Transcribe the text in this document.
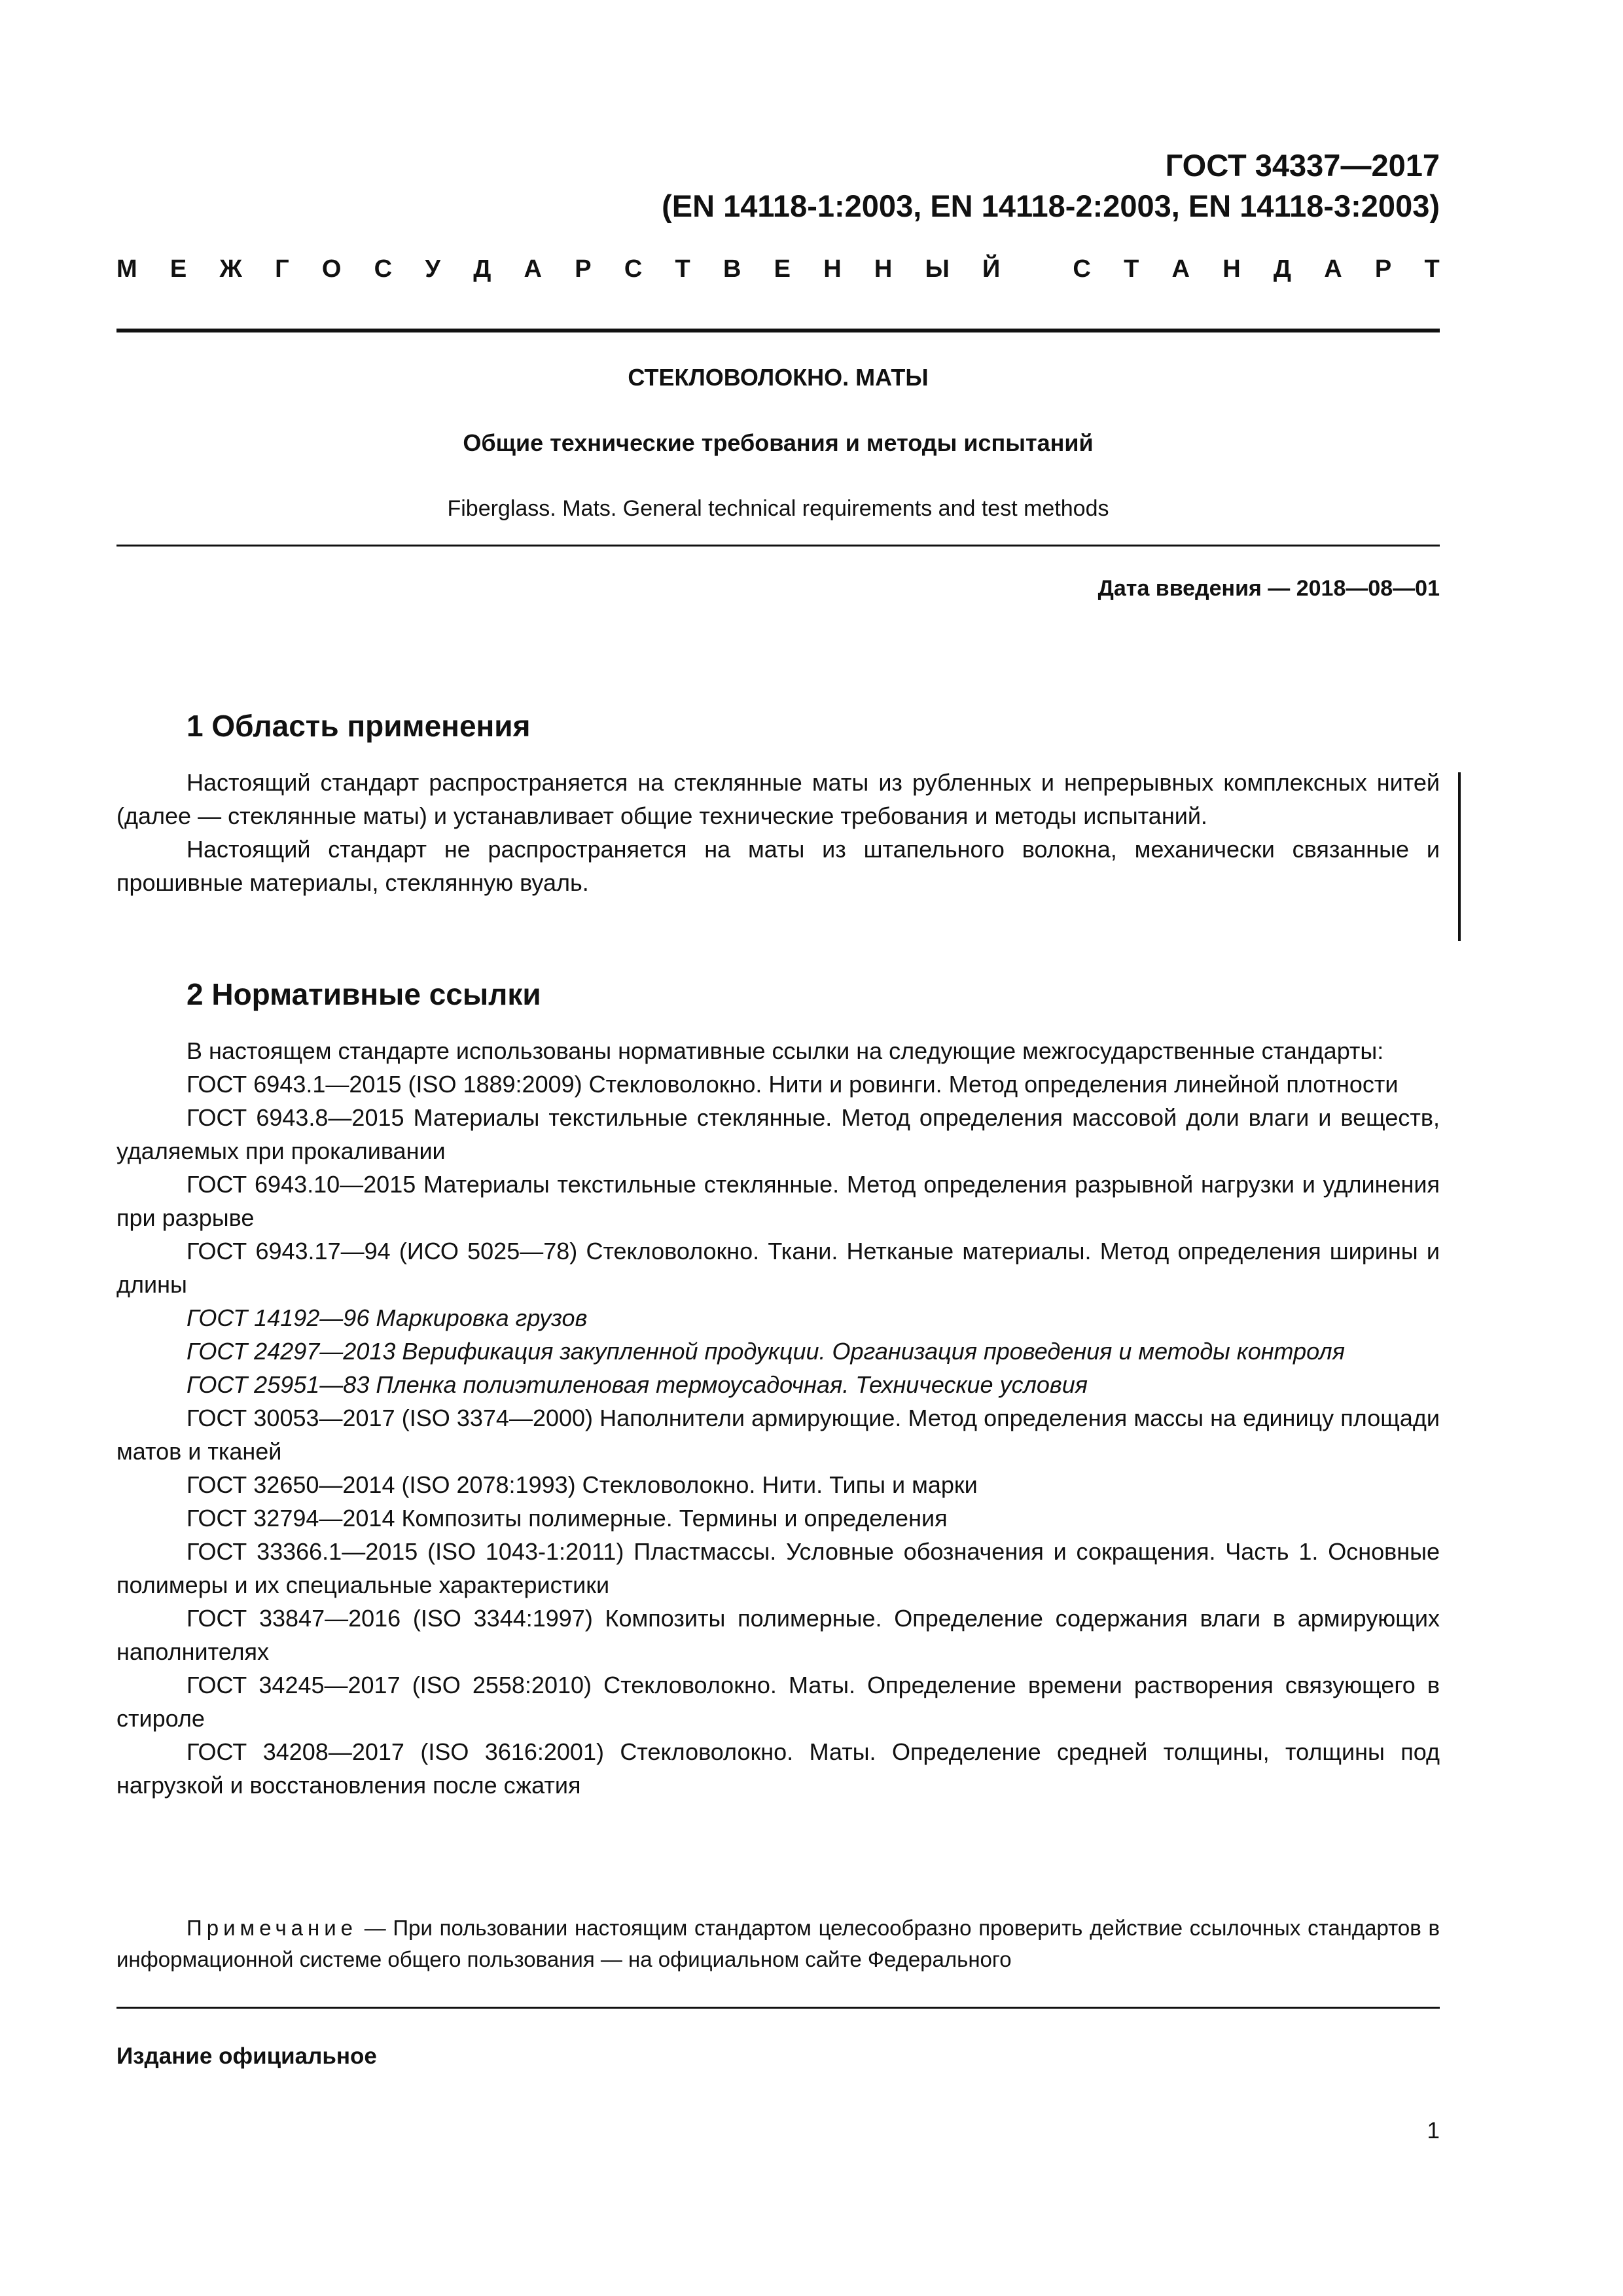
ГОСТ 34337—2017
(EN 14118-1:2003, EN 14118-2:2003, EN 14118-3:2003)
М Е Ж Г О С У Д А Р С Т В Е Н Н Ы Й
	С Т А Н Д А Р Т
СТЕКЛОВОЛОКНО. МАТЫ
Общие технические требования и методы испытаний
Fiberglass. Mats. General technical requirements and test methods
Дата введения — 2018—08—01
1 Область применения

Настоящий стандарт распространяется на стеклянные маты из рубленных и непрерывных комплексных нитей (далее — стеклянные маты) и устанавливает общие технические требования и методы испытаний.

Настоящий стандарт не распространяется на маты из штапельного волокна, механически связанные и прошивные материалы, стеклянную вуаль.

2 Нормативные ссылки

В настоящем стандарте использованы нормативные ссылки на следующие межгосударственные стандарты:

ГОСТ 6943.1—2015 (ISO 1889:2009) Стекловолокно. Нити и ровинги. Метод определения линейной плотности

ГОСТ 6943.8—2015 Материалы текстильные стеклянные. Метод определения массовой доли влаги и веществ, удаляемых при прокаливании

ГОСТ 6943.10—2015 Материалы текстильные стеклянные. Метод определения разрывной нагрузки и удлинения при разрыве

ГОСТ 6943.17—94 (ИСО 5025—78) Стекловолокно. Ткани. Нетканые материалы. Метод определения ширины и длины

ГОСТ 14192—96 Маркировка грузов

ГОСТ 24297—2013 Верификация закупленной продукции. Организация проведения и методы контроля

ГОСТ 25951—83 Пленка полиэтиленовая термоусадочная. Технические условия

ГОСТ 30053—2017 (ISO 3374—2000) Наполнители армирующие. Метод определения массы на единицу площади матов и тканей

ГОСТ 32650—2014 (ISO 2078:1993) Стекловолокно. Нити. Типы и марки

ГОСТ 32794—2014 Композиты полимерные. Термины и определения

ГОСТ 33366.1—2015 (ISO 1043-1:2011) Пластмассы. Условные обозначения и сокращения. Часть 1. Основные полимеры и их специальные характеристики

ГОСТ 33847—2016 (ISO 3344:1997) Композиты полимерные. Определение содержания влаги в армирующих наполнителях

ГОСТ 34245—2017 (ISO 2558:2010) Стекловолокно. Маты. Определение времени растворения связующего в стироле

ГОСТ 34208—2017 (ISO 3616:2001) Стекловолокно. Маты. Определение средней толщины, толщины под нагрузкой и восстановления после сжатия

Примечание — При пользовании настоящим стандартом целесообразно проверить действие ссылочных стандартов в информационной системе общего пользования — на официальном сайте Федерального

Издание официальное
1
